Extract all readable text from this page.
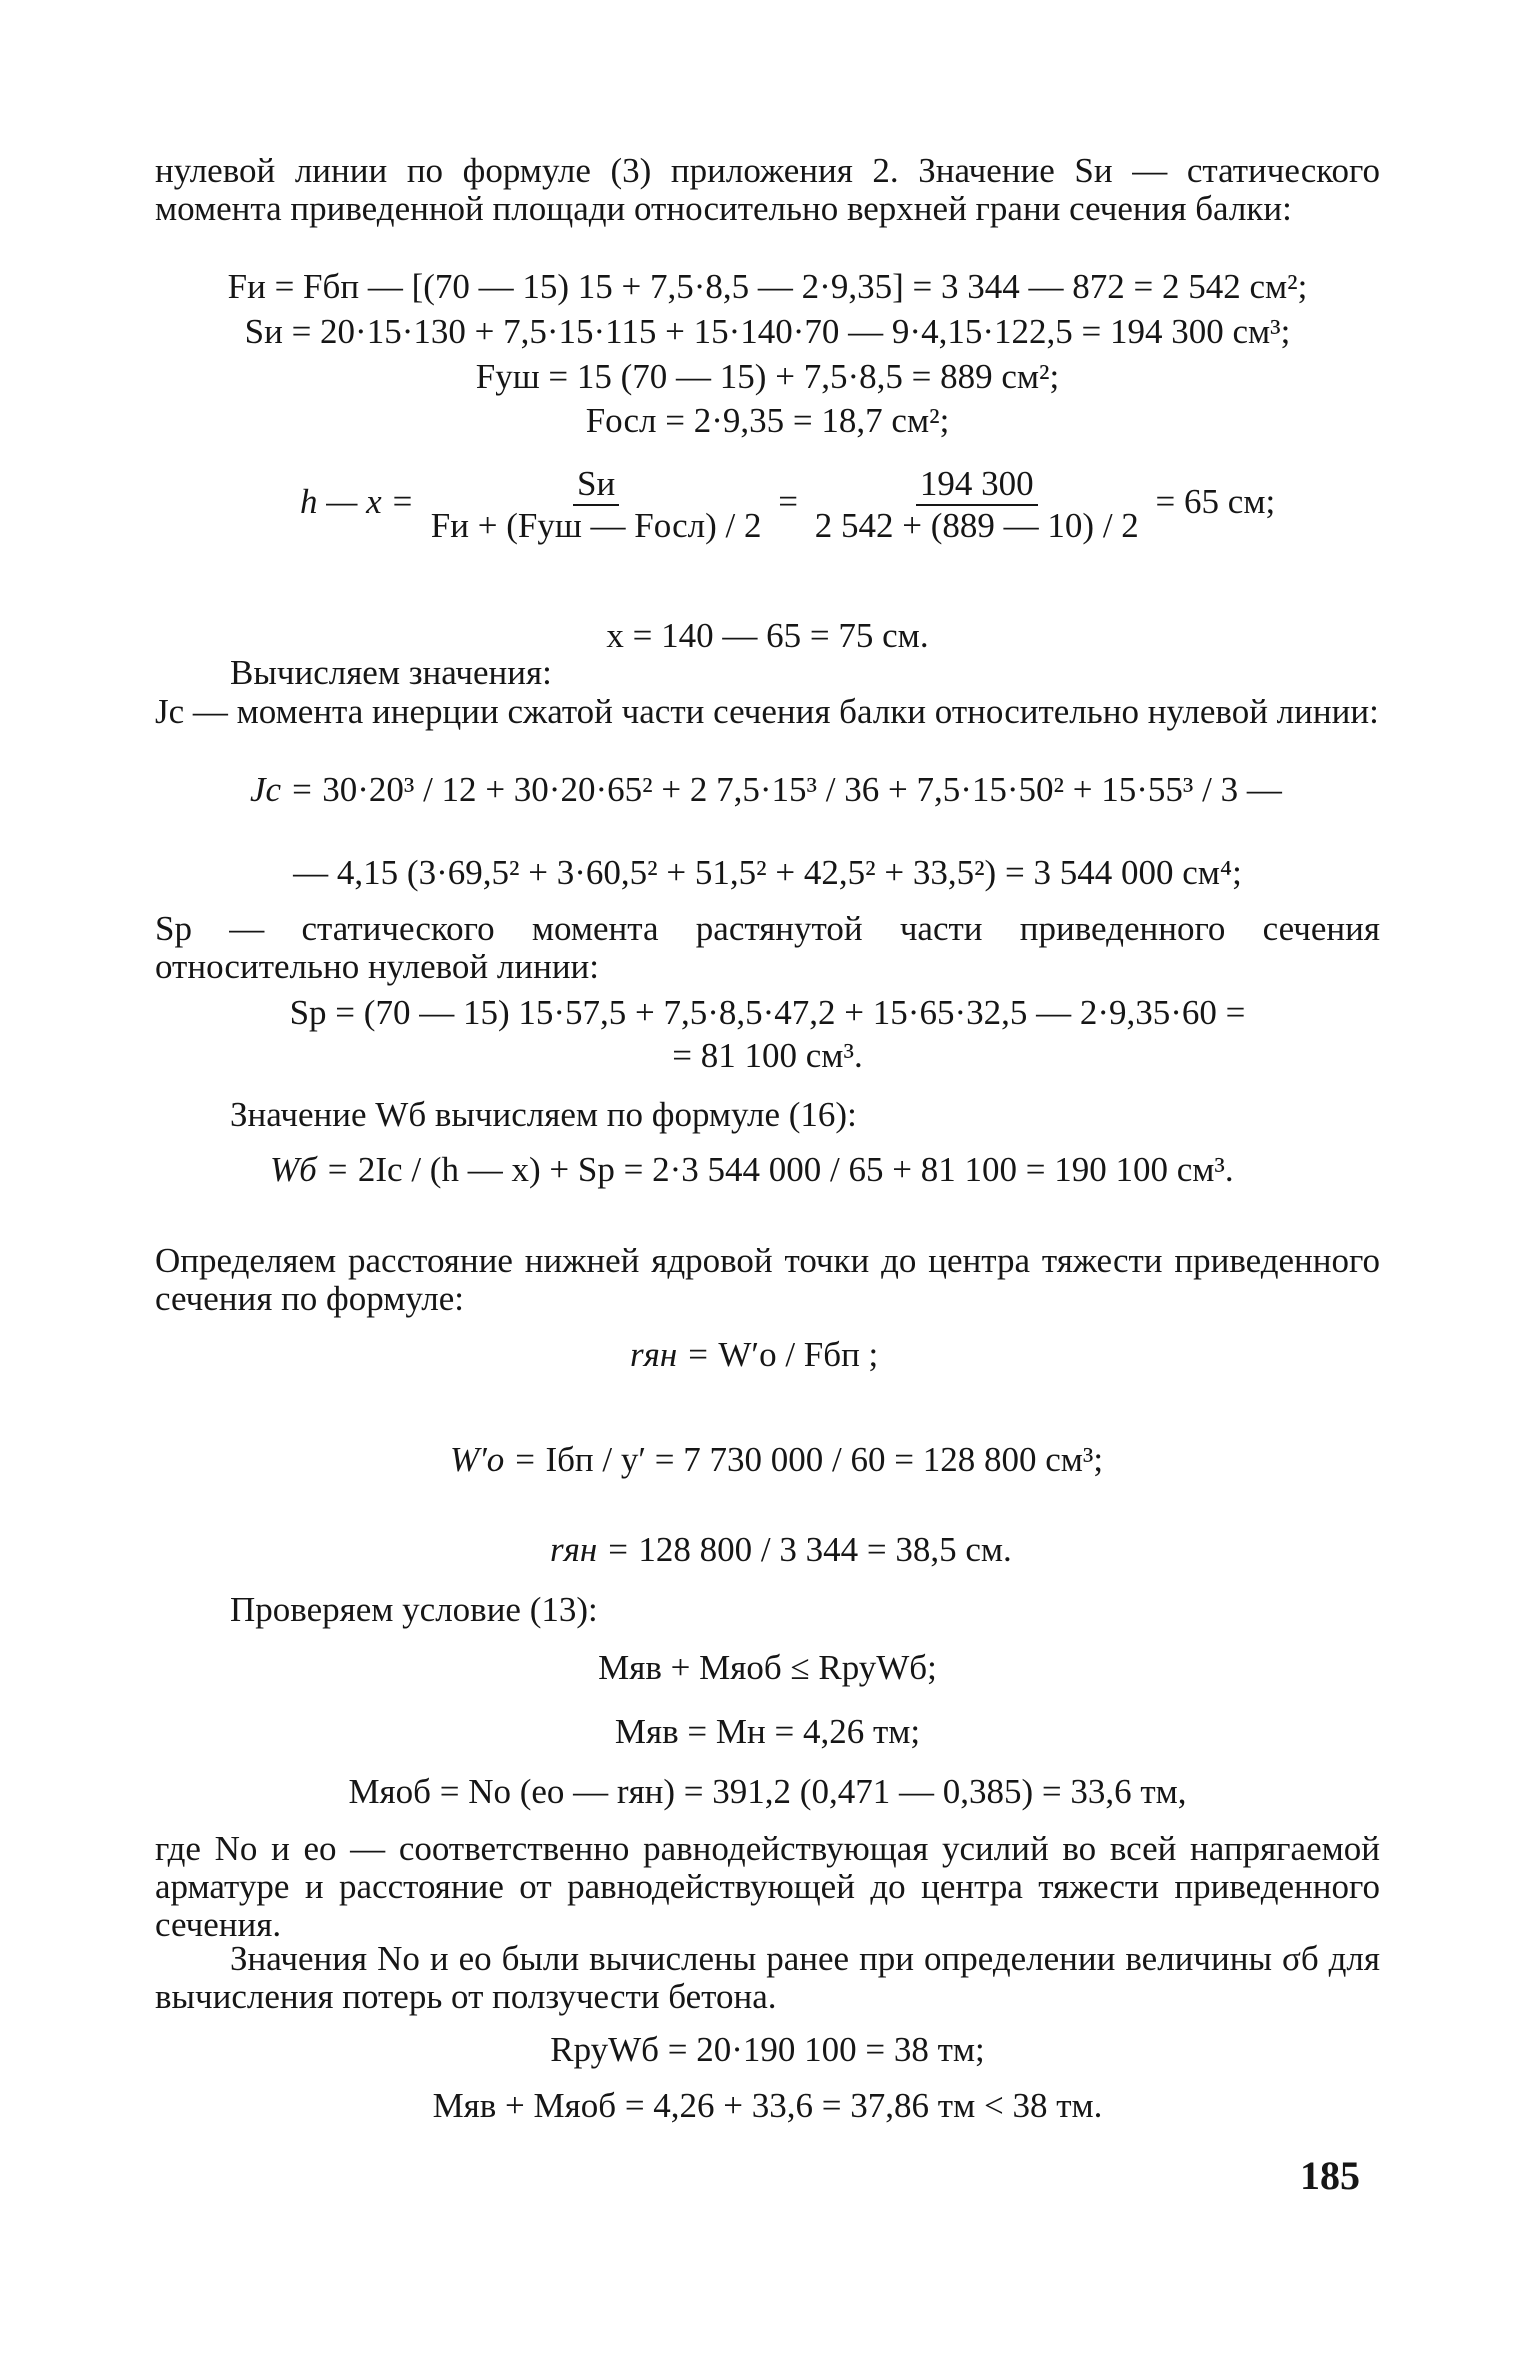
нулевой линии по формуле (3) приложения 2. Значение Sи — статического момента приведенной площади относительно верхней грани сечения балки:

Fи = Fбп — [(70 — 15) 15 + 7,5·8,5 — 2·9,35] = 3 344 — 872 = 2 542 см²;
Sи = 20·15·130 + 7,5·15·115 + 15·140·70 — 9·4,15·122,5 = 194 300 см³;
Fуш = 15 (70 — 15) + 7,5·8,5 = 889 см²;
Fосл = 2·9,35 = 18,7 см²;
h — $x = \frac{Sи}{\text{Fи + (Fуш — Fосл) / 2}} = \frac{194 300}{2 542 + (889 — 10) / 2} = 65$ см;
x = 140 — 65 = 75 см.
Вычисляем значения:

Jc — момента инерции сжатой части сечения балки относительно нулевой линии:

Jc = 30·20³ / 12 + 30·20·65² + 2 7,5·15³ / 36 + 7,5·15·50² + 15·55³ / 3 —
— 4,15 (3·69,5² + 3·60,5² + 51,5² + 42,5² + 33,5²) = 3 544 000 см⁴;

Sp — статического момента растянутой части приведенного сечения относительно нулевой линии:

Sp = (70 — 15) 15·57,5 + 7,5·8,5·47,2 + 15·65·32,5 — 2·9,35·60 =
= 81 100 см³.
Значение Wб вычисляем по формуле (16):
Wб = 2Ic / (h — x) + Sp = 2·3 544 000 / 65 + 81 100 = 190 100 см³.

Определяем расстояние нижней ядровой точки до центра тяжести приведенного сечения по формуле:

rян = W′о / Fбп ;
W′о = Iбп / y′ = 7 730 000 / 60 = 128 800 см³;
rян = 128 800 / 3 344 = 38,5 см.
Проверяем условие (13):
Mяв + Mяоб ≤ RруWб;
Mяв = Mн = 4,26 тм;
Mяоб = Nо (eо — rян) = 391,2 (0,471 — 0,385) = 33,6 тм,

где Nо и eо — соответственно равнодействующая усилий во всей напрягаемой арматуре и расстояние от равнодействующей до центра тяжести приведенного сечения.

Значения Nо и eо были вычислены ранее при определении величины σб для вычисления потерь от ползучести бетона.

RруWб = 20·190 100 = 38 тм;
Mяв + Mяоб = 4,26 + 33,6 = 37,86 тм < 38 тм.
185
